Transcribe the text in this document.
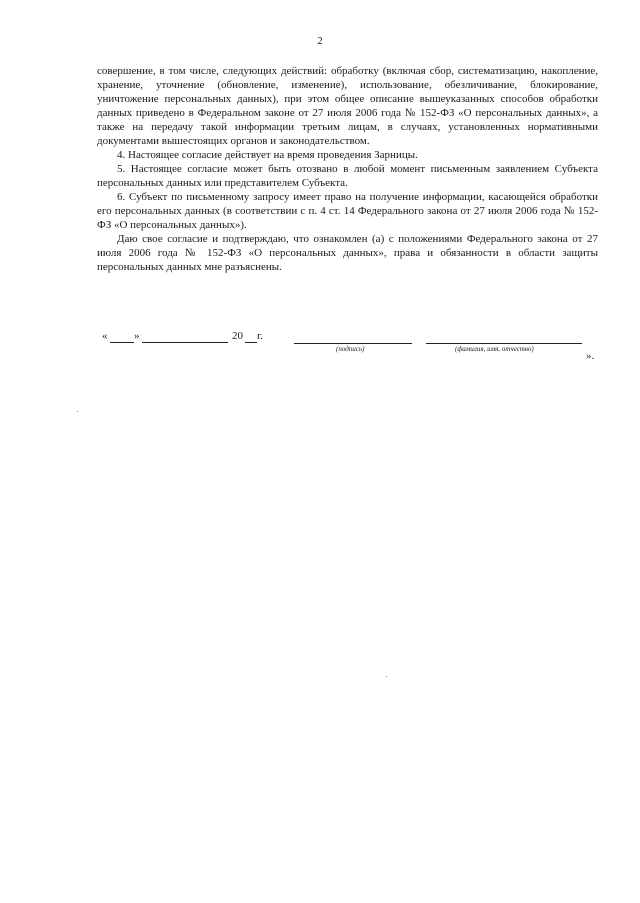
2

совершение, в том числе, следующих действий: обработку (включая сбор, систематизацию, накопление, хранение, уточнение (обновление, изменение), использование, обезличивание, блокирование, уничтожение персональных данных), при этом общее описание вышеуказанных способов обработки данных приведено в Федеральном законе от 27 июля 2006 года № 152-ФЗ «О персональных данных», а также на передачу такой информации третьим лицам, в случаях, установленных нормативными документами вышестоящих органов и законодательством.

4. Настоящее согласие действует на время проведения Зарницы.

5. Настоящее согласие может быть отозвано в любой момент письменным заявлением Субъекта персональных данных или представителем Субъекта.

6. Субъект по письменному запросу имеет право на получение информации, касающейся обработки его персональных данных (в соответствии с п. 4 ст. 14 Федерального закона от 27 июля 2006 года № 152-ФЗ «О персональных данных»).

Даю свое согласие и подтверждаю, что ознакомлен (а) с положениями Федерального закона от 27 июля 2006 года № 152-ФЗ «О персональных данных», права и обязанности в области защиты персональных данных мне разъяснены.

« »	20 г.
(подпись)	(фамилия, имя, отчество)
».
